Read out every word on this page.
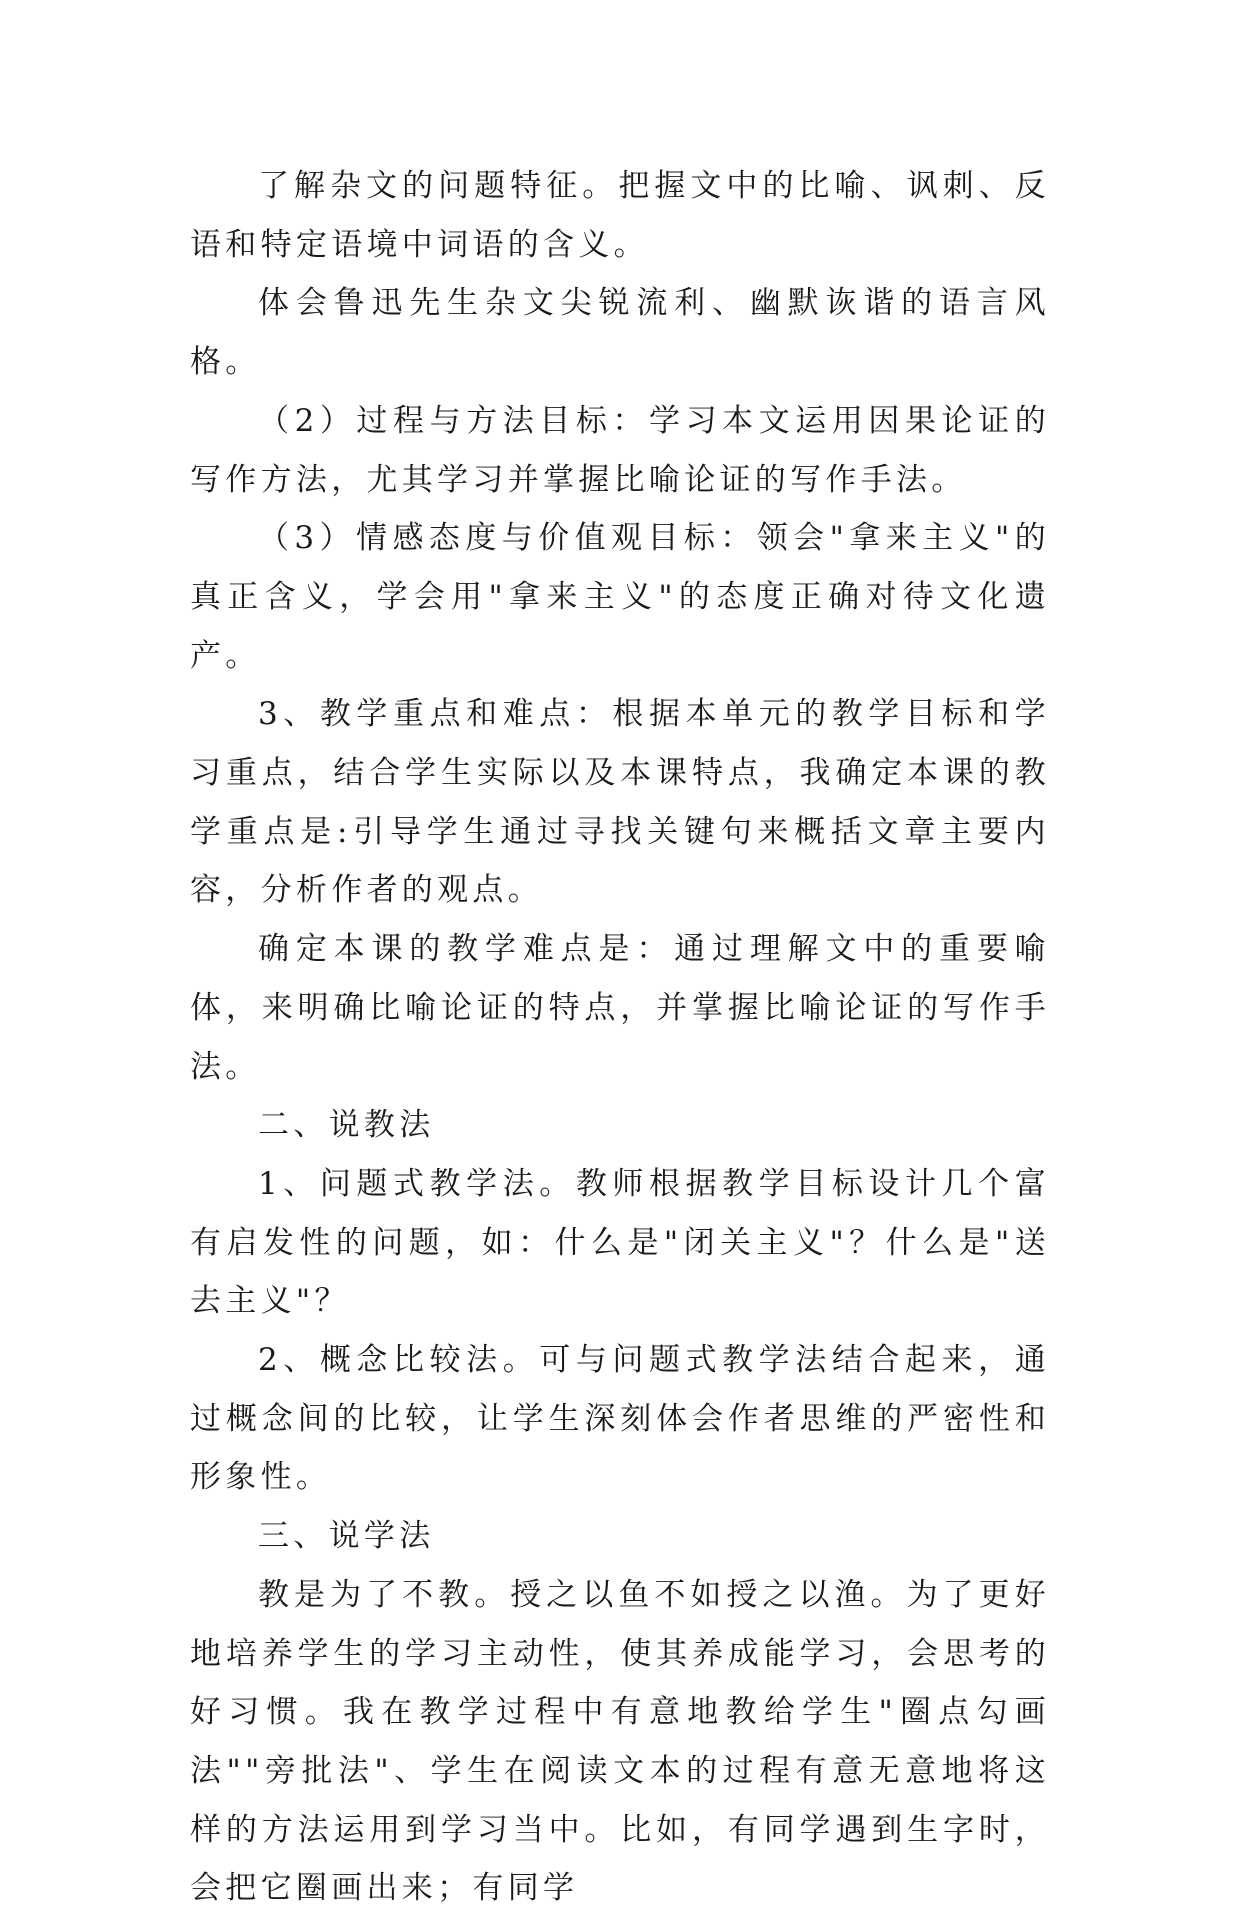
了解杂文的问题特征。把握文中的比喻、讽刺、反语和特定语境中词语的含义。

体会鲁迅先生杂文尖锐流利、幽默诙谐的语言风格。

（2）过程与方法目标：学习本文运用因果论证的写作方法，尤其学习并掌握比喻论证的写作手法。

（3）情感态度与价值观目标：领会"拿来主义"的真正含义，学会用"拿来主义"的态度正确对待文化遗产。

3、教学重点和难点：根据本单元的教学目标和学习重点，结合学生实际以及本课特点，我确定本课的教学重点是:引导学生通过寻找关键句来概括文章主要内容，分析作者的观点。

确定本课的教学难点是：通过理解文中的重要喻体，来明确比喻论证的特点，并掌握比喻论证的写作手法。

二、说教法

1、问题式教学法。教师根据教学目标设计几个富有启发性的问题，如：什么是"闭关主义"？什么是"送去主义"？

2、概念比较法。可与问题式教学法结合起来，通过概念间的比较，让学生深刻体会作者思维的严密性和形象性。

三、说学法

教是为了不教。授之以鱼不如授之以渔。为了更好地培养学生的学习主动性，使其养成能学习，会思考的好习惯。我在教学过程中有意地教给学生"圈点勾画法""旁批法"、学生在阅读文本的过程有意无意地将这样的方法运用到学习当中。比如，有同学遇到生字时，会把它圈画出来；有同学
